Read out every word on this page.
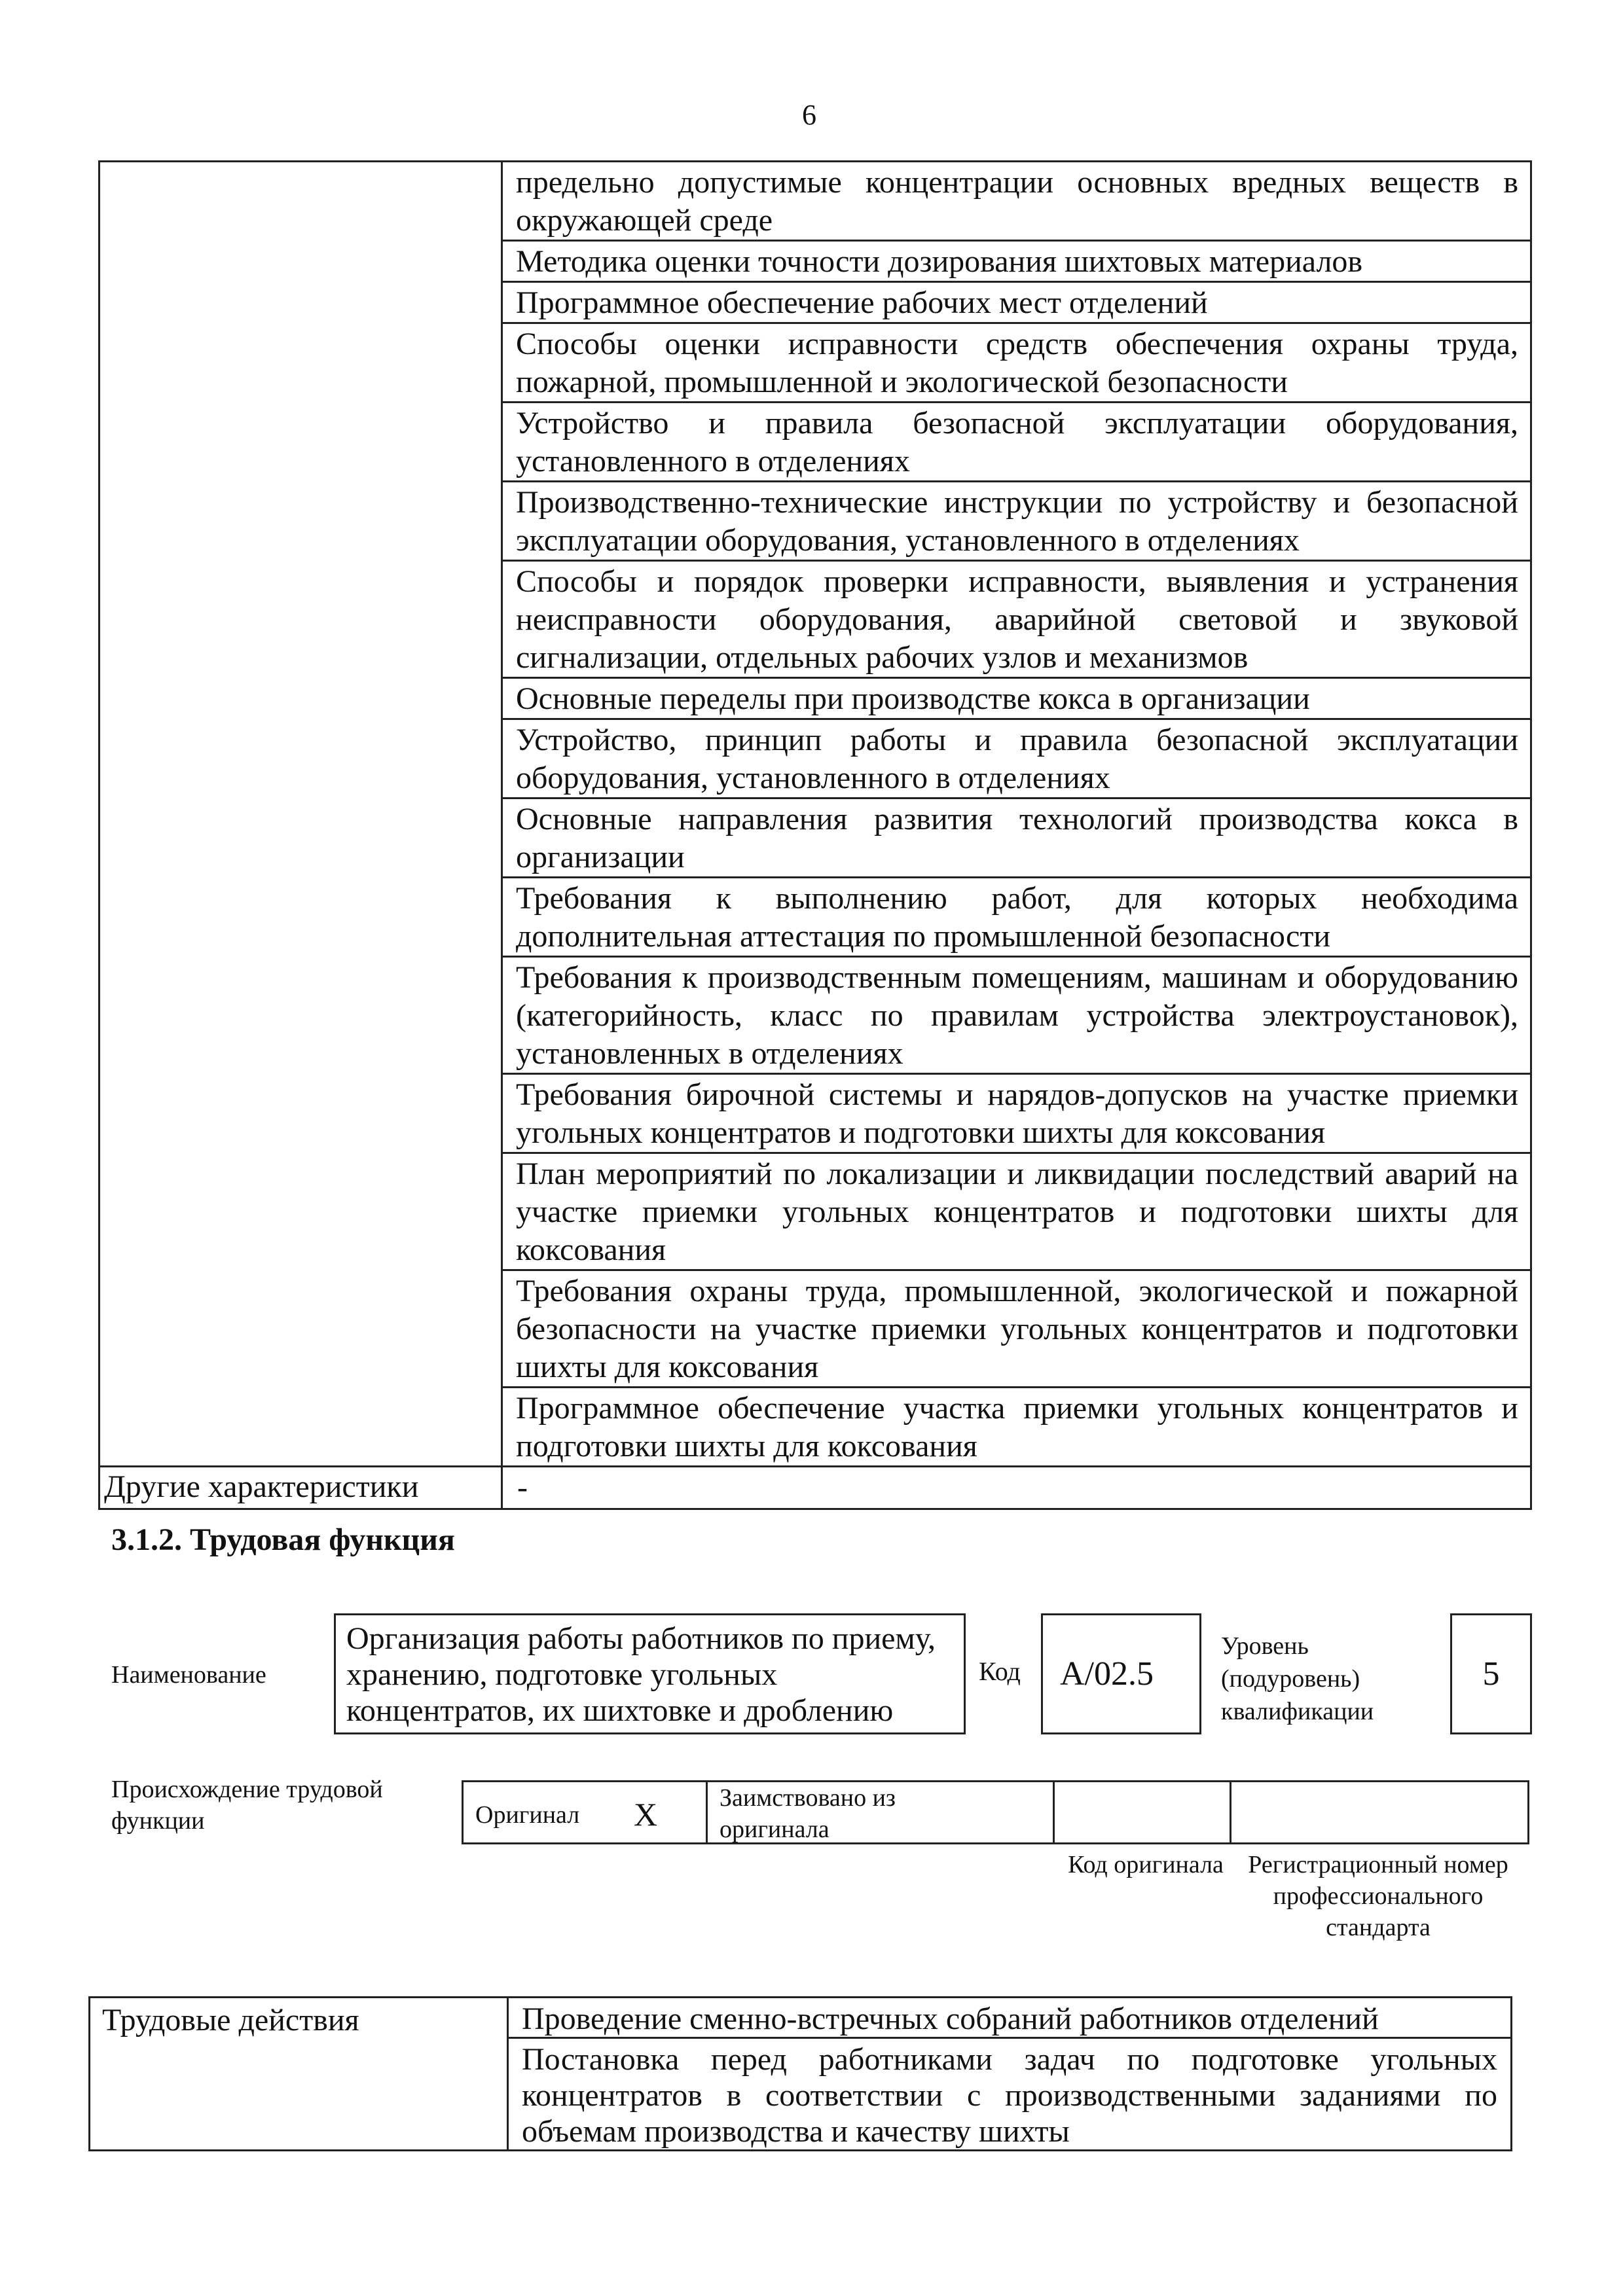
6
	предельно допустимые концентрации основных вредных веществ в окружающей среде
	Методика оценки точности дозирования шихтовых материалов
	Программное обеспечение рабочих мест отделений
	Способы оценки исправности средств обеспечения охраны труда, пожарной, промышленной и экологической безопасности
	Устройство и правила безопасной эксплуатации оборудования, установленного в отделениях
	Производственно-технические инструкции по устройству и безопасной эксплуатации оборудования, установленного в отделениях
	Способы и порядок проверки исправности, выявления и устранения неисправности оборудования, аварийной световой и звуковой сигнализации, отдельных рабочих узлов и механизмов
	Основные переделы при производстве кокса в организации
	Устройство, принцип работы и правила безопасной эксплуатации оборудования, установленного в отделениях
	Основные направления развития технологий производства кокса в организации
	Требования к выполнению работ, для которых необходима дополнительная аттестация по промышленной безопасности
	Требования к производственным помещениям, машинам и оборудованию (категорийность, класс по правилам устройства электроустановок), установленных в отделениях
	Требования бирочной системы и нарядов-допусков на участке приемки угольных концентратов и подготовки шихты для коксования
	План мероприятий по локализации и ликвидации последствий аварий на участке приемки угольных концентратов и подготовки шихты для коксования
	Требования охраны труда, промышленной, экологической и пожарной безопасности на участке приемки угольных концентратов и подготовки шихты для коксования
	Программное обеспечение участка приемки угольных концентратов и подготовки шихты для коксования
Другие характеристики	-
3.1.2. Трудовая функция
Наименование
Организация работы работников по приему, хранению, подготовке угольных концентратов, их шихтовке и дроблению
Код	А/02.5
Уровень (подуровень) квалификации
5
Происхождение трудовой функции	Оригинал X Заимствовано из оригинала
Код оригинала Регистрационный номер профессионального стандарта
Трудовые действия	Проведение сменно-встречных собраний работников отделений
Постановка перед работниками задач по подготовке угольных концентратов в соответствии с производственными заданиями по объемам производства и качеству шихты
